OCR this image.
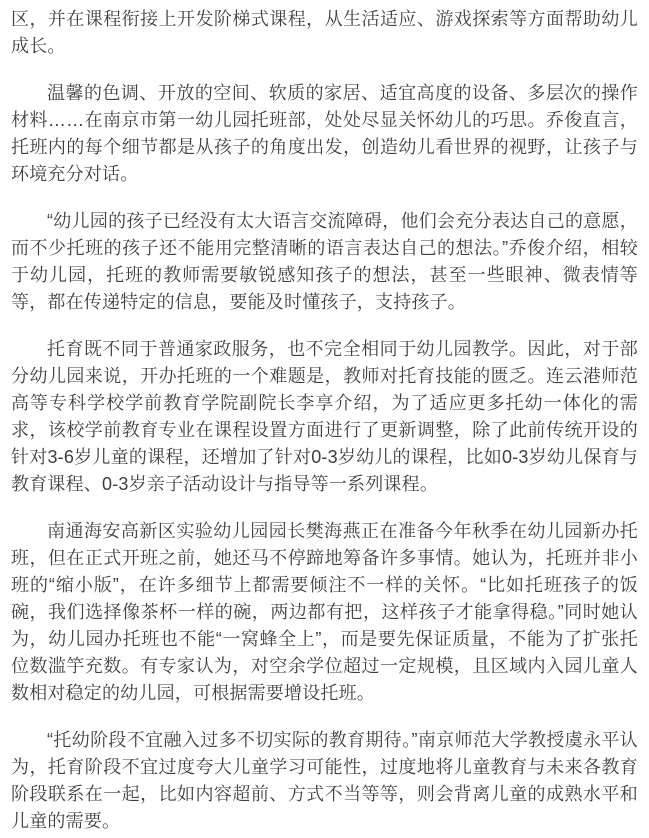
区，并在课程衔接上开发阶梯式课程，从生活适应、游戏探索等方面帮助幼儿成长。

温馨的色调、开放的空间、软质的家居、适宜高度的设备、多层次的操作材料……在南京市第一幼儿园托班部，处处尽显关怀幼儿的巧思。乔俊直言，托班内的每个细节都是从孩子的角度出发，创造幼儿看世界的视野，让孩子与环境充分对话。

“幼儿园的孩子已经没有太大语言交流障碍，他们会充分表达自己的意愿，而不少托班的孩子还不能用完整清晰的语言表达自己的想法。”乔俊介绍，相较于幼儿园，托班的教师需要敏锐感知孩子的想法，甚至一些眼神、微表情等等，都在传递特定的信息，要能及时懂孩子，支持孩子。

托育既不同于普通家政服务，也不完全相同于幼儿园教学。因此，对于部分幼儿园来说，开办托班的一个难题是，教师对托育技能的匮乏。连云港师范高等专科学校学前教育学院副院长李享介绍，为了适应更多托幼一体化的需求，该校学前教育专业在课程设置方面进行了更新调整，除了此前传统开设的针对3-6岁儿童的课程，还增加了针对0-3岁幼儿的课程，比如0-3岁幼儿保育与教育课程、0-3岁亲子活动设计与指导等一系列课程。

南通海安高新区实验幼儿园园长樊海燕正在准备今年秋季在幼儿园新办托班，但在正式开班之前，她还马不停蹄地筹备许多事情。她认为，托班并非小班的“缩小版”，在许多细节上都需要倾注不一样的关怀。“比如托班孩子的饭碗，我们选择像茶杯一样的碗，两边都有把，这样孩子才能拿得稳。”同时她认为，幼儿园办托班也不能“一窝蜂全上”，而是要先保证质量，不能为了扩张托位数滥竽充数。有专家认为，对空余学位超过一定规模，且区域内入园儿童人数相对稳定的幼儿园，可根据需要增设托班。

“托幼阶段不宜融入过多不切实际的教育期待。”南京师范大学教授虞永平认为，托育阶段不宜过度夸大儿童学习可能性，过度地将儿童教育与未来各教育阶段联系在一起，比如内容超前、方式不当等等，则会背离儿童的成熟水平和儿童的需要。
